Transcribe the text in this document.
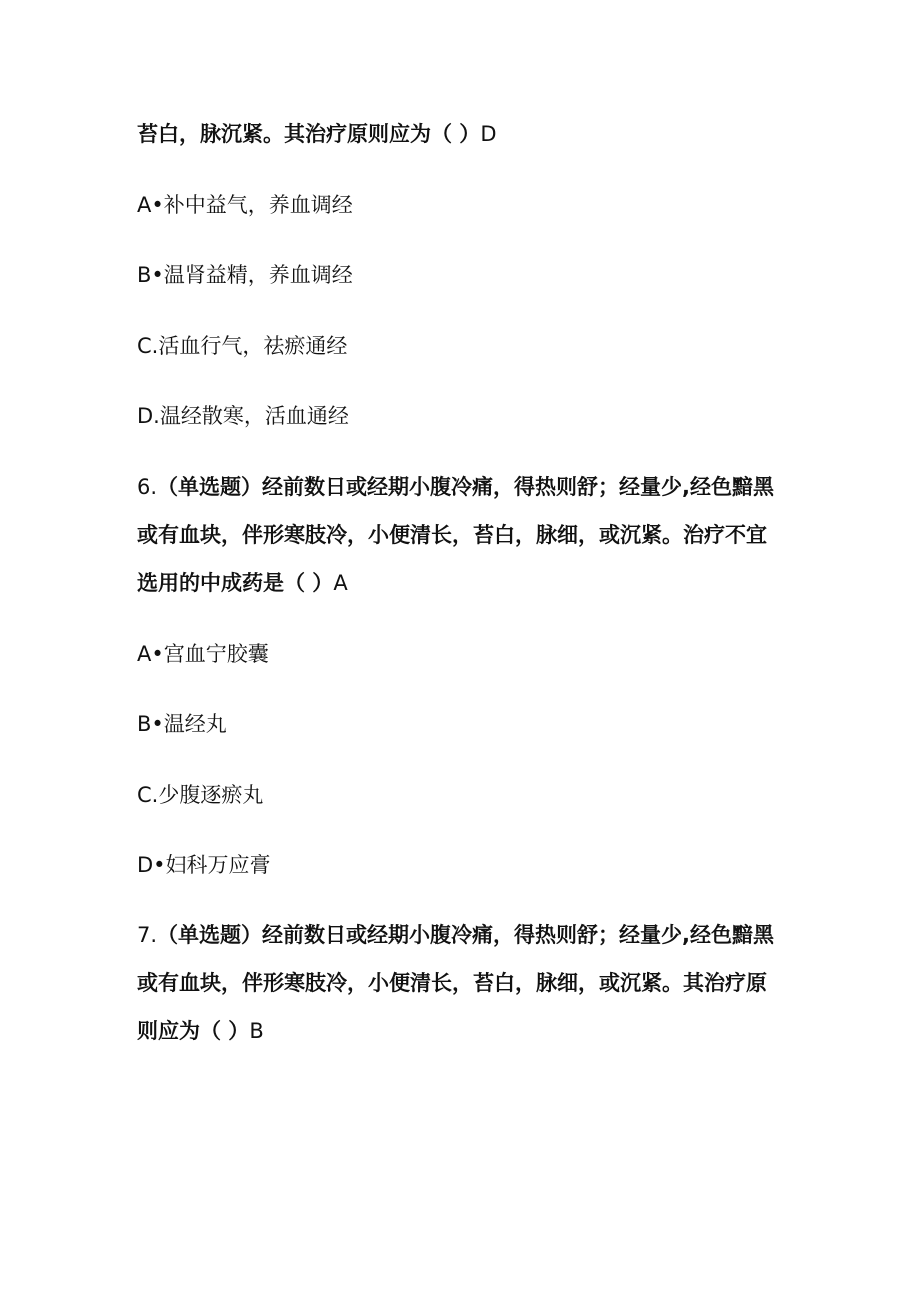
苔白，脉沉紧。其治疗原则应为（ ）D
A•补中益气，养血调经
B•温肾益精，养血调经
C.活血行气，祛瘀通经
D.温经散寒，活血通经
6.（单选题）经前数日或经期小腹冷痛，得热则舒；经量少,经色黯黑
或有血块，伴形寒肢冷，小便清长，苔白，脉细，或沉紧。治疗不宜
选用的中成药是（ ）A
A•宫血宁胶囊
B•温经丸
C.少腹逐瘀丸
D•妇科万应膏
7.（单选题）经前数日或经期小腹冷痛，得热则舒；经量少,经色黯黑
或有血块，伴形寒肢冷，小便清长，苔白，脉细，或沉紧。其治疗原
则应为（ ）B
